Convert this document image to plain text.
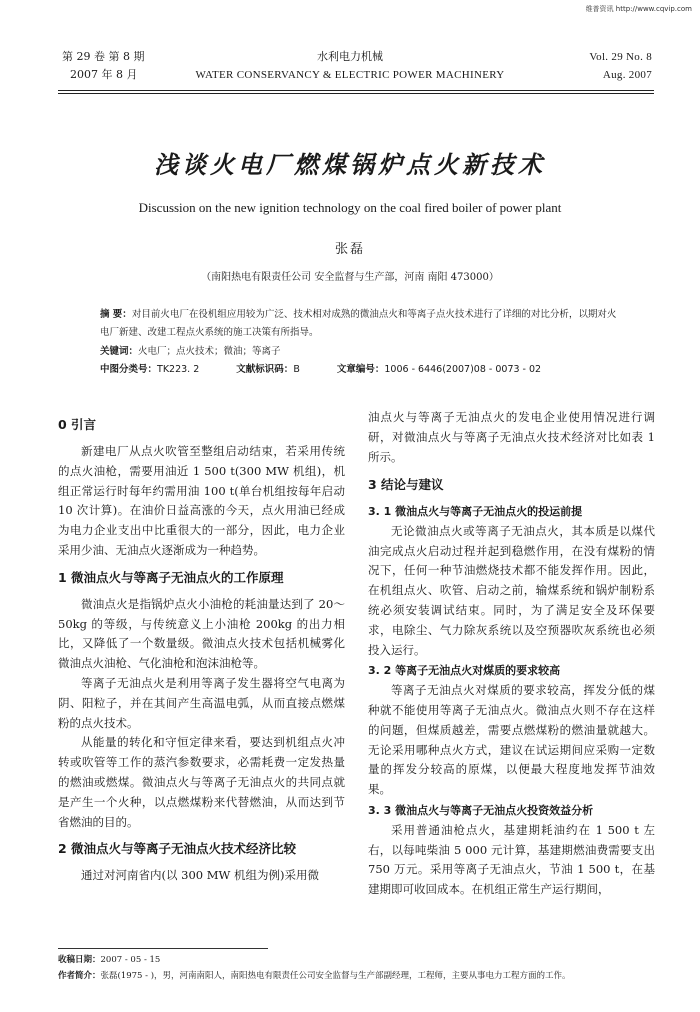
维普资讯 http://www.cqvip.com
第 29 卷 第 8 期
2007 年 8 月
水利电力机械
WATER CONSERVANCY & ELECTRIC POWER MACHINERY
Vol. 29 No. 8
Aug. 2007
浅谈火电厂燃煤锅炉点火新技术
Discussion on the new ignition technology on the coal fired boiler of power plant
张磊
（南阳热电有限责任公司 安全监督与生产部，河南 南阳 473000）
摘 要：对目前火电厂在役机组应用较为广泛、技术相对成熟的微油点火和等离子点火技术进行了详细的对比分析，以期对火电厂新建、改建工程点火系统的施工决策有所指导。
关键词：火电厂；点火技术；微油；等离子
中图分类号：TK223. 2	文献标识码：B	文章编号：1006 - 6446(2007)08 - 0073 - 02
0 引言

新建电厂从点火吹管至整组启动结束，若采用传统的点火油枪，需要用油近 1 500 t(300 MW 机组)，机组正常运行时每年约需用油 100 t(单台机组按每年启动 10 次计算)。在油价日益高涨的今天，点火用油已经成为电力企业支出中比重很大的一部分，因此，电力企业采用少油、无油点火逐渐成为一种趋势。

1 微油点火与等离子无油点火的工作原理

微油点火是指锅炉点火小油枪的耗油量达到了 20～50kg 的等级，与传统意义上小油枪 200kg 的出力相比，又降低了一个数量级。微油点火技术包括机械雾化微油点火油枪、气化油枪和泡沫油枪等。

等离子无油点火是利用等离子发生器将空气电离为阴、阳粒子，并在其间产生高温电弧，从而直接点燃煤粉的点火技术。

从能量的转化和守恒定律来看，要达到机组点火冲转或吹管等工作的蒸汽参数要求，必需耗费一定发热量的燃油或燃煤。微油点火与等离子无油点火的共同点就是产生一个火种，以点燃煤粉来代替燃油，从而达到节省燃油的目的。

2 微油点火与等离子无油点火技术经济比较

通过对河南省内(以 300 MW 机组为例)采用微

3 结论与建议
3. 1 微油点火与等离子无油点火的投运前提

无论微油点火或等离子无油点火，其本质是以煤代油完成点火启动过程并起到稳燃作用，在没有煤粉的情况下，任何一种节油燃烧技术都不能发挥作用。因此，在机组点火、吹管、启动之前，输煤系统和锅炉制粉系统必须安装调试结束。同时，为了满足安全及环保要求，电除尘、气力除灰系统以及空预器吹灰系统也必须投入运行。

3. 2 等离子无油点火对煤质的要求较高

等离子无油点火对煤质的要求较高，挥发分低的煤种就不能使用等离子无油点火。微油点火则不存在这样的问题，但煤质越差，需要点燃煤粉的燃油量就越大。无论采用哪种点火方式，建议在试运期间应采购一定数量的挥发分较高的原煤，以便最大程度地发挥节油效果。

3. 3 微油点火与等离子无油点火投资效益分析

采用普通油枪点火，基建期耗油约在 1 500 t 左右，以每吨柴油 5 000 元计算，基建期燃油费需要支出 750 万元。采用等离子无油点火，节油 1 500 t，在基建期即可收回成本。在机组正常生产运行期间，

收稿日期：2007 - 05 - 15
作者简介：张磊(1975 - )，男，河南南阳人，南阳热电有限责任公司安全监督与生产部副经理，工程师，主要从事电力工程方面的工作。

油点火与等离子无油点火的发电企业使用情况进行调研，对微油点火与等离子无油点火技术经济对比如表 1 所示。
